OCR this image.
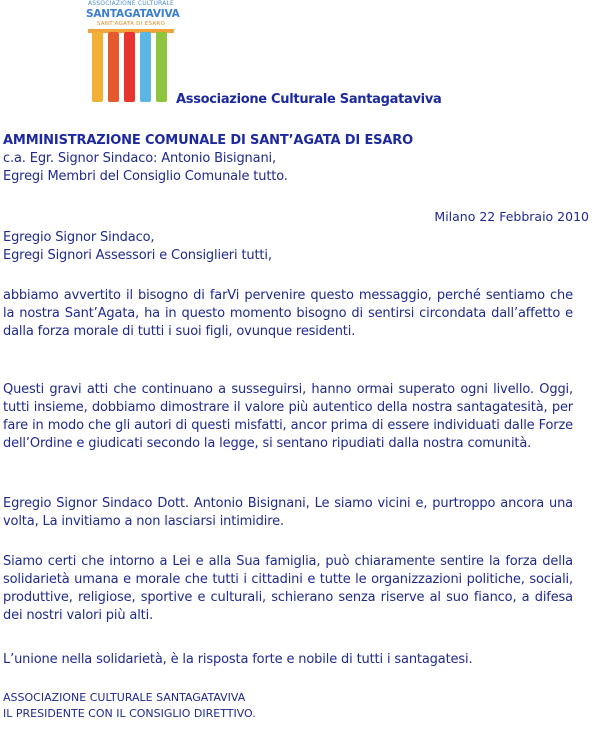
ASSOCIAZIONE CULTURALE
SANTAGATAVIVA
SANT'AGATA DI ESARO
Associazione Culturale Santagataviva
AMMINISTRAZIONE COMUNALE DI SANT’AGATA DI ESARO
c.a. Egr. Signor Sindaco: Antonio Bisignani,
Egregi Membri del Consiglio Comunale tutto.
Milano 22 Febbraio 2010
Egregio Signor Sindaco,
Egregi Signori Assessori e Consiglieri tutti,
abbiamo avvertito il bisogno di farVi pervenire questo messaggio, perché sentiamo che la nostra Sant’Agata, ha in questo momento bisogno di sentirsi circondata dall’affetto e dalla forza morale di tutti i suoi figli, ovunque residenti.
Questi gravi atti che continuano a susseguirsi, hanno ormai superato ogni livello. Oggi, tutti insieme, dobbiamo dimostrare il valore più autentico della nostra santagatesità, per fare in modo che gli autori di questi misfatti, ancor prima di essere individuati dalle Forze dell’Ordine e giudicati secondo la legge, si sentano ripudiati dalla nostra comunità.
Egregio Signor Sindaco Dott. Antonio Bisignani, Le siamo vicini e, purtroppo ancora una volta, La invitiamo a non lasciarsi intimidire.
Siamo certi che intorno a Lei e alla Sua famiglia, può chiaramente sentire la forza della solidarietà umana e morale che tutti i cittadini e tutte le organizzazioni politiche, sociali, produttive, religiose, sportive e culturali, schierano senza riserve al suo fianco, a difesa dei nostri valori più alti.
L’unione nella solidarietà, è la risposta forte e nobile di tutti i santagatesi.
ASSOCIAZIONE CULTURALE SANTAGATAVIVA
IL PRESIDENTE CON IL CONSIGLIO DIRETTIVO.
